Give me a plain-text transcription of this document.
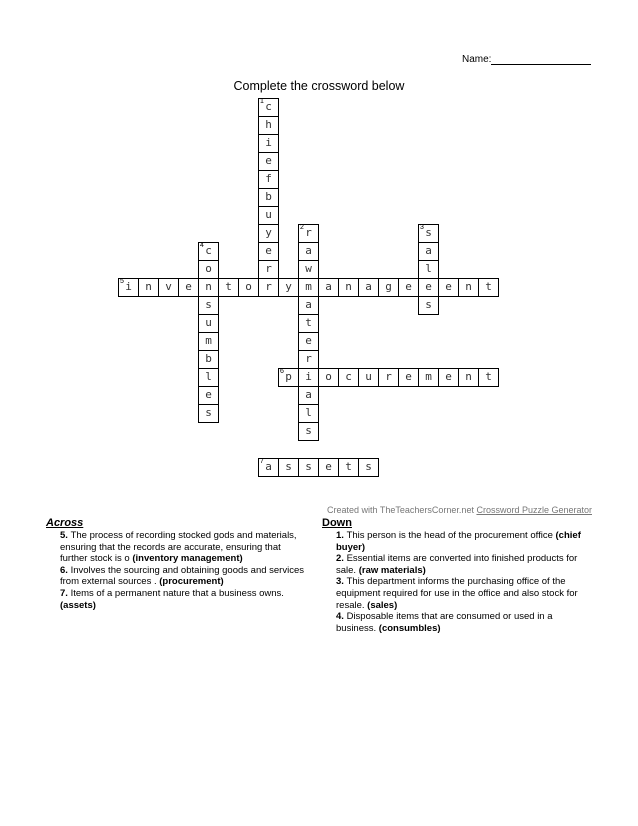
Name:
Complete the crossword below
c
1
h
i
e
f
b
u
y
e
r
r
2
a
w
m
a
t
e
r
i
a
l
s
s
3
a
l
e
s
c
4
o
n
s
u
m
b
l
e
s
i
5	n	v	e	t	o	r	y	a	n	a	g	e	e	n	t
p
6	o	c	u	r	e	m	e	n	t
a
7	s	s	e	t	s
Created with TheTeachersCorner.net Crossword Puzzle Generator
Across
5. The process of recording stocked gods and materials, ensuring that the records are accurate, ensuring that further stock is o (inventory management)
6. Involves the sourcing and obtaining goods and services from external sources . (procurement)
7. Items of a permanent nature that a business owns. (assets)
Down
1. This person is the head of the procurement office (chief buyer)
2. Essential items are converted into finished products for sale. (raw materials)
3. This department informs the purchasing office of the equipment required for use in the office and also stock for resale. (sales)
4. Disposable items that are consumed or used in a business. (consumbles)
